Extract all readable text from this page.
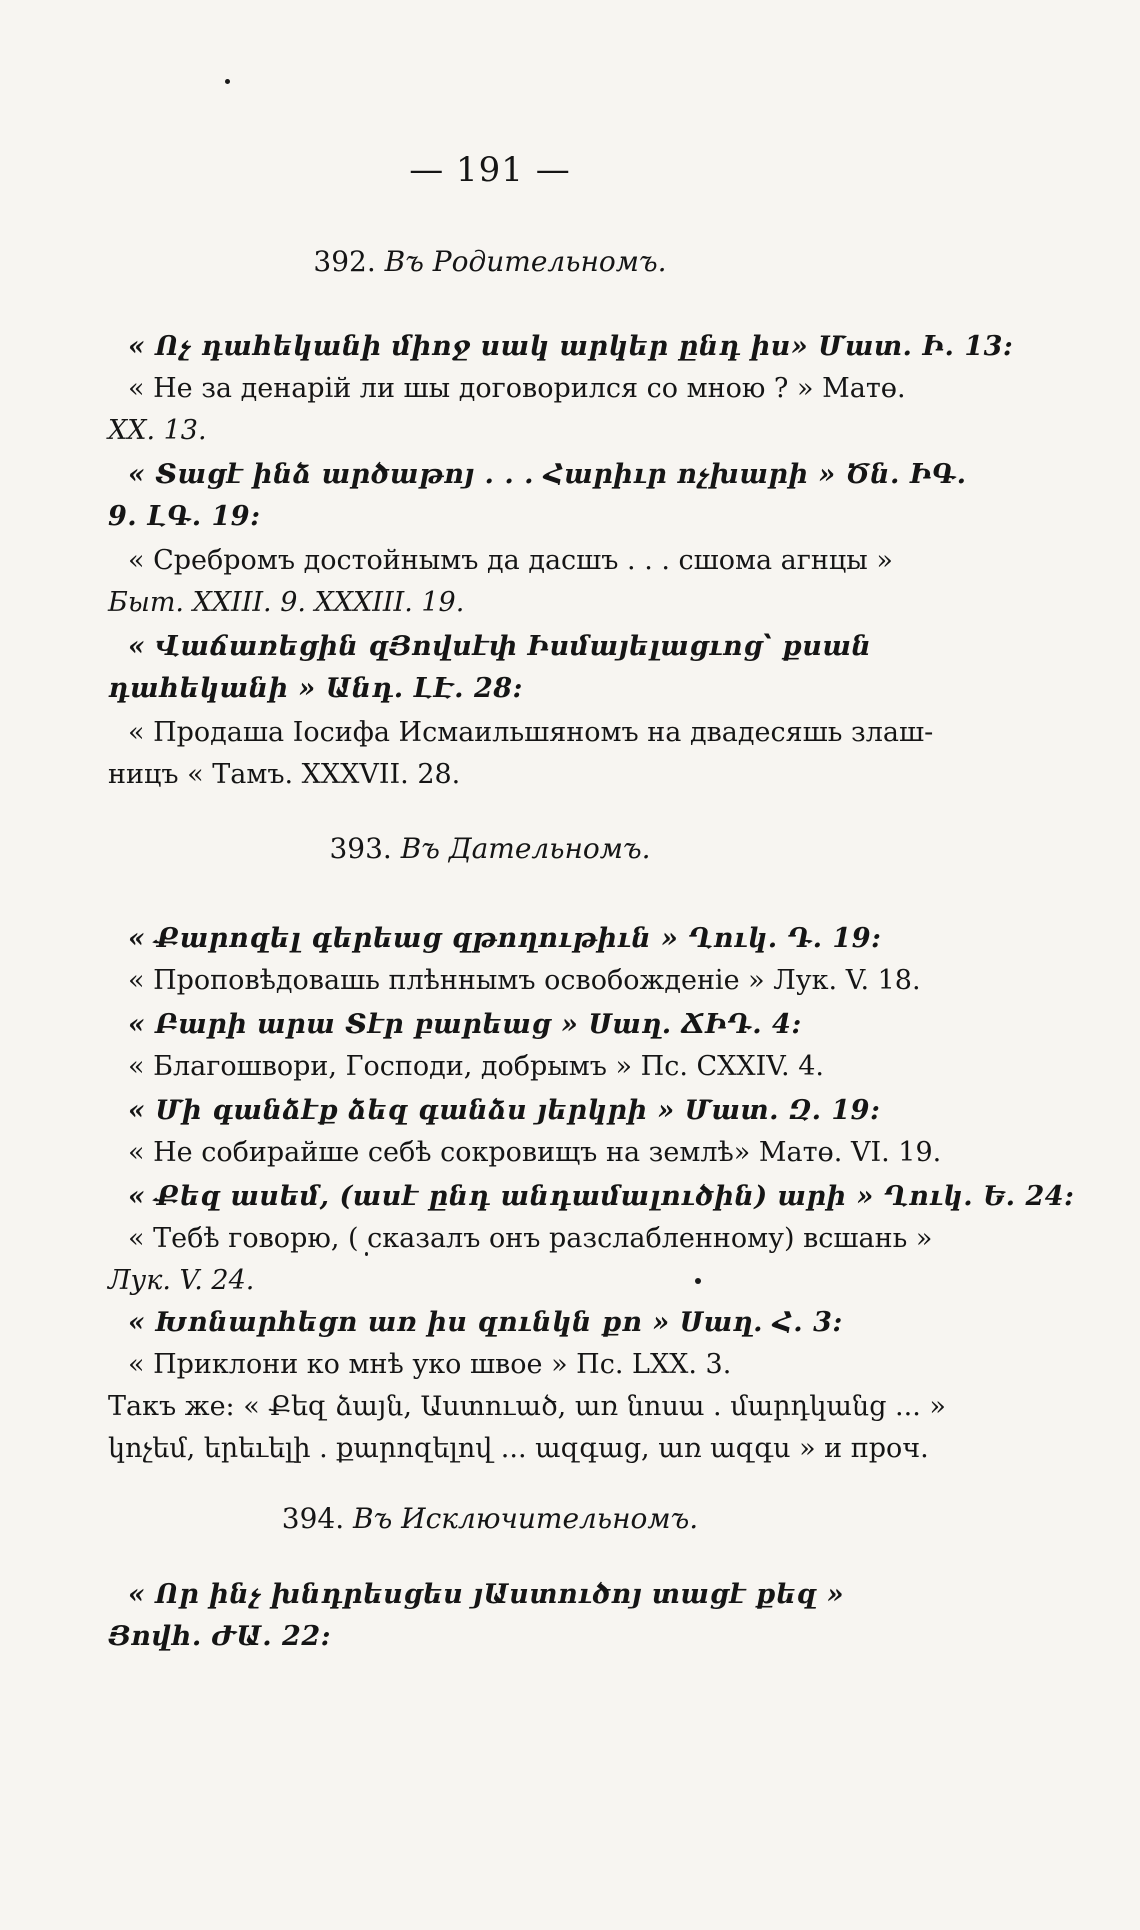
— 191 —
392. Въ Родительномъ.
« Ոչ դահեկանի միոջ սակ արկեր ընդ իս» Մատ. Ի. 13:
« Не за денарій ли шы договорился со мною ? » Матө.
XX. 13.
« Տացէ ինձ արծաթոյ . . . Հարիւր ոչխարի » Ծն. ԻԳ.
9. ԼԳ. 19:
« Сребромъ достойнымъ да дасшъ . . . сшома агнцы »
Быт. XXIII. 9. XXXIII. 19.
« Վաճառեցին զՅովսէփ Իսմայելացւոց՝ քսան
դահեկանի » Անդ. ԼԷ. 28:
« Продаша Іосифа Исмаильшяномъ на двадесяшь злаш-
ницъ « Тамъ. XXXVII. 28.
393. Въ Дательномъ.
« Քարոզել գերեաց զթողութիւն » Ղուկ. Դ. 19:
« Пропов‍ѣдовашь плѣннымъ освобожденіе » Лук. V. 18.
« Բարի արա Տէր բարեաց » Սաղ. ՃԻԴ. 4:
« Благошвори, Господи, добрымъ » Пс. CXXIV. 4.
« Մի գանձէք ձեզ գանձս յերկրի » Մատ. Զ. 19:
« Не собирайше себѣ сокровищъ на землѣ» Матө. VI. 19.
« Քեզ ասեմ, (ասէ ընդ անդամալուծին) արի » Ղուկ. Ե. 24:
« Тебѣ говорю, ( сказалъ онъ разслабленному) всшань »
Лук. V. 24.
« Խոնարհեցո առ իս զունկն քո » Սաղ. Հ. 3:
« Приклони ко мнѣ уко швое » Пс. LXX. 3.
Такъ же: « Քեզ ձայն, Աստուած, առ նոսա . մարդկանց ... »
կոչեմ, երեւելի . քարոզելով ... ազգաց, առ ազգս » и проч.
394. Въ Исключительномъ.
« Որ ինչ խնդրեսցես յԱստուծոյ տացէ քեզ »
Յովհ. ԺԱ. 22:
